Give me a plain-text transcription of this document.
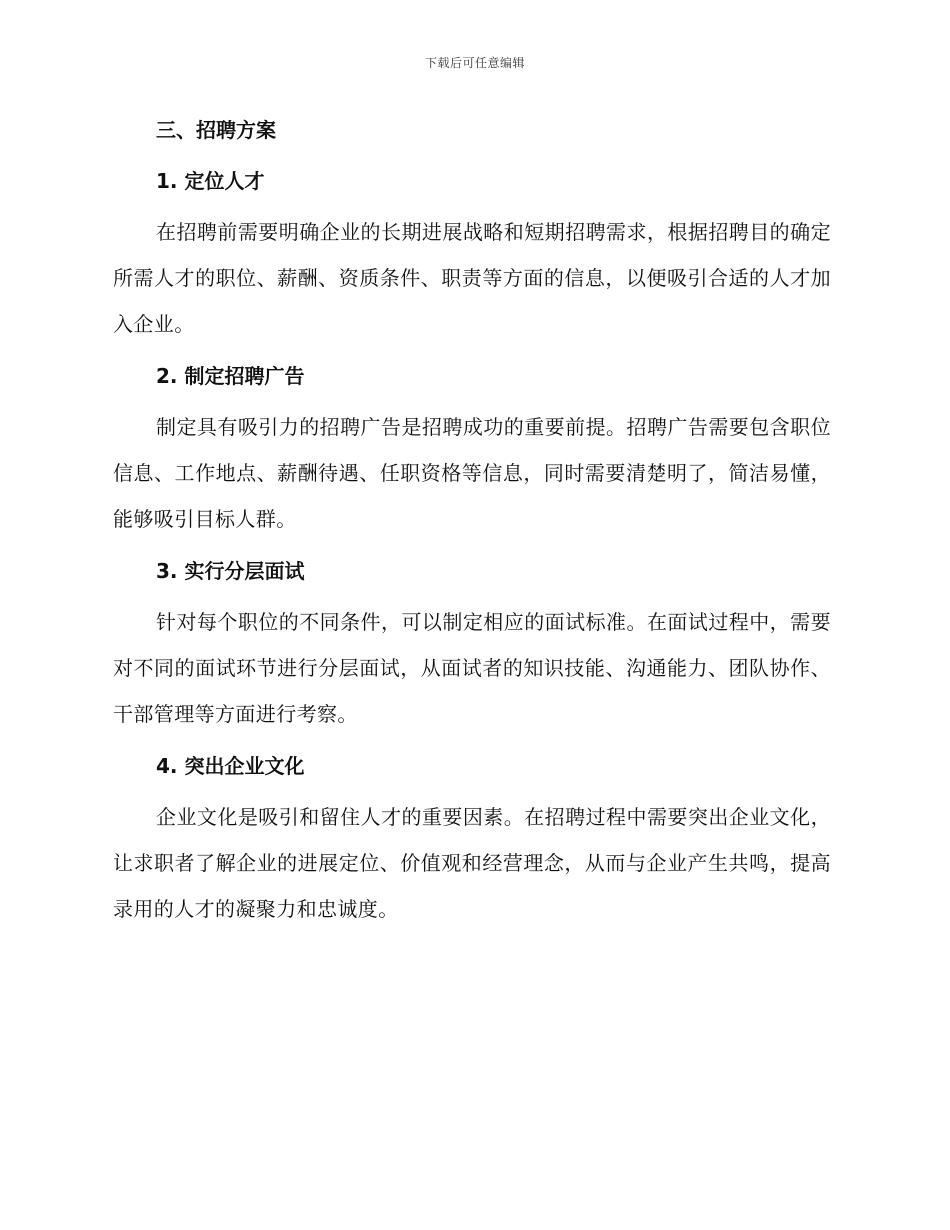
下载后可任意编辑
三、招聘方案
1. 定位人才

在招聘前需要明确企业的长期进展战略和短期招聘需求，根据招聘目的确定所需人才的职位、薪酬、资质条件、职责等方面的信息，以便吸引合适的人才加入企业。

2. 制定招聘广告

制定具有吸引力的招聘广告是招聘成功的重要前提。招聘广告需要包含职位信息、工作地点、薪酬待遇、任职资格等信息，同时需要清楚明了，简洁易懂，能够吸引目标人群。

3. 实行分层面试

针对每个职位的不同条件，可以制定相应的面试标准。在面试过程中，需要对不同的面试环节进行分层面试，从面试者的知识技能、沟通能力、团队协作、干部管理等方面进行考察。

4. 突出企业文化

企业文化是吸引和留住人才的重要因素。在招聘过程中需要突出企业文化，让求职者了解企业的进展定位、价值观和经营理念，从而与企业产生共鸣，提高录用的人才的凝聚力和忠诚度。
